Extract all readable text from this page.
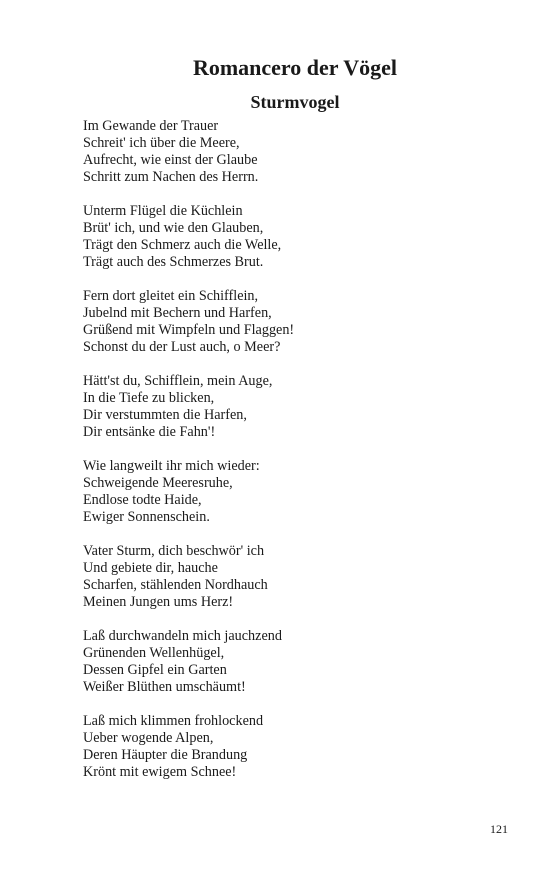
Romancero der Vögel
Sturmvogel
Im Gewande der Trauer
Schreit' ich über die Meere,
Aufrecht, wie einst der Glaube
Schritt zum Nachen des Herrn.
Unterm Flügel die Küchlein
Brüt' ich, und wie den Glauben,
Trägt den Schmerz auch die Welle,
Trägt auch des Schmerzes Brut.
Fern dort gleitet ein Schifflein,
Jubelnd mit Bechern und Harfen,
Grüßend mit Wimpfeln und Flaggen!
Schonst du der Lust auch, o Meer?
Hätt'st du, Schifflein, mein Auge,
In die Tiefe zu blicken,
Dir verstummten die Harfen,
Dir entsänke die Fahn'!
Wie langweilt ihr mich wieder:
Schweigende Meeresruhe,
Endlose todte Haide,
Ewiger Sonnenschein.
Vater Sturm, dich beschwör' ich
Und gebiete dir, hauche
Scharfen, stählenden Nordhauch
Meinen Jungen ums Herz!
Laß durchwandeln mich jauchzend
Grünenden Wellenhügel,
Dessen Gipfel ein Garten
Weißer Blüthen umschäumt!
Laß mich klimmen frohlockend
Ueber wogende Alpen,
Deren Häupter die Brandung
Krönt mit ewigem Schnee!
121
